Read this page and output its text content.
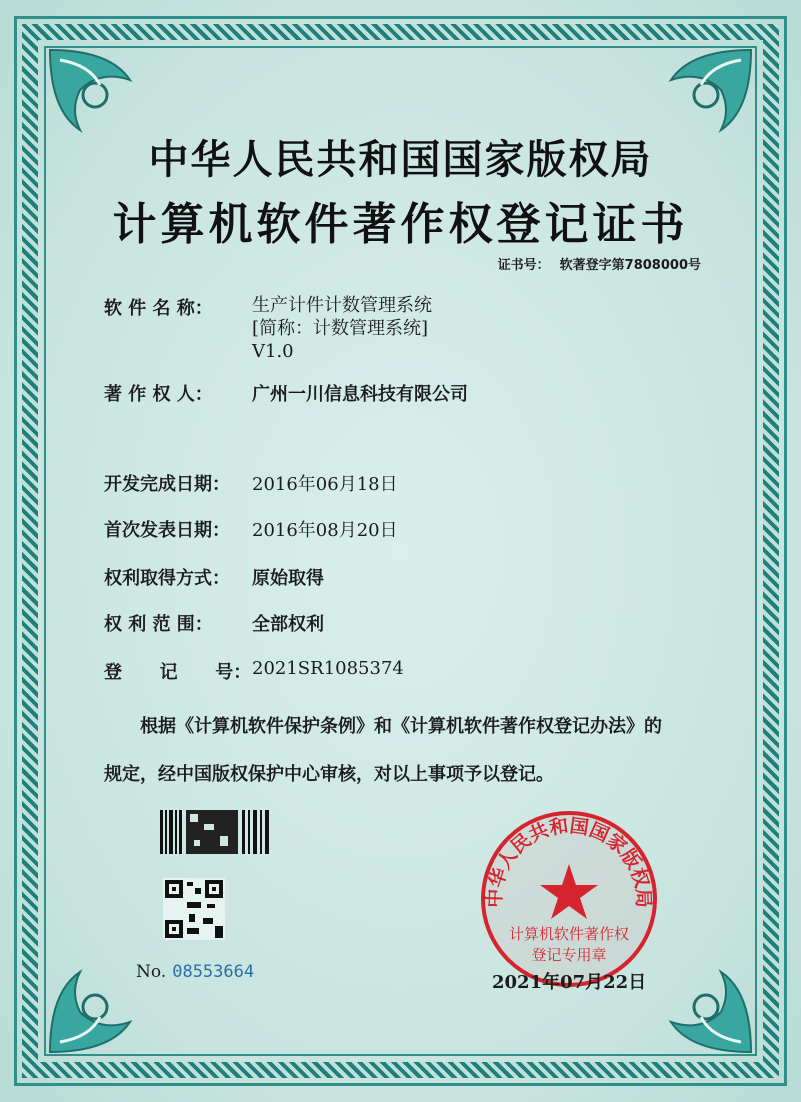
中华人民共和国国家版权局
计算机软件著作权登记证书
证书号： 软著登字第7808000号
软 件 名 称： 生产计件计数管理系统
[简称：计数管理系统]
V1.0
著 作 权 人： 广州一川信息科技有限公司
开发完成日期： 2016年06月18日
首次发表日期： 2016年08月20日
权利取得方式： 原始取得
权 利 范 围： 全部权利
登      记      号： 2021SR1085374
根据《计算机软件保护条例》和《计算机软件著作权登记办法》的
规定，经中国版权保护中心审核，对以上事项予以登记。
No. 08553664
中华人民共和国国家版权局
计算机软件著作权
登记专用章
2021年07月22日
